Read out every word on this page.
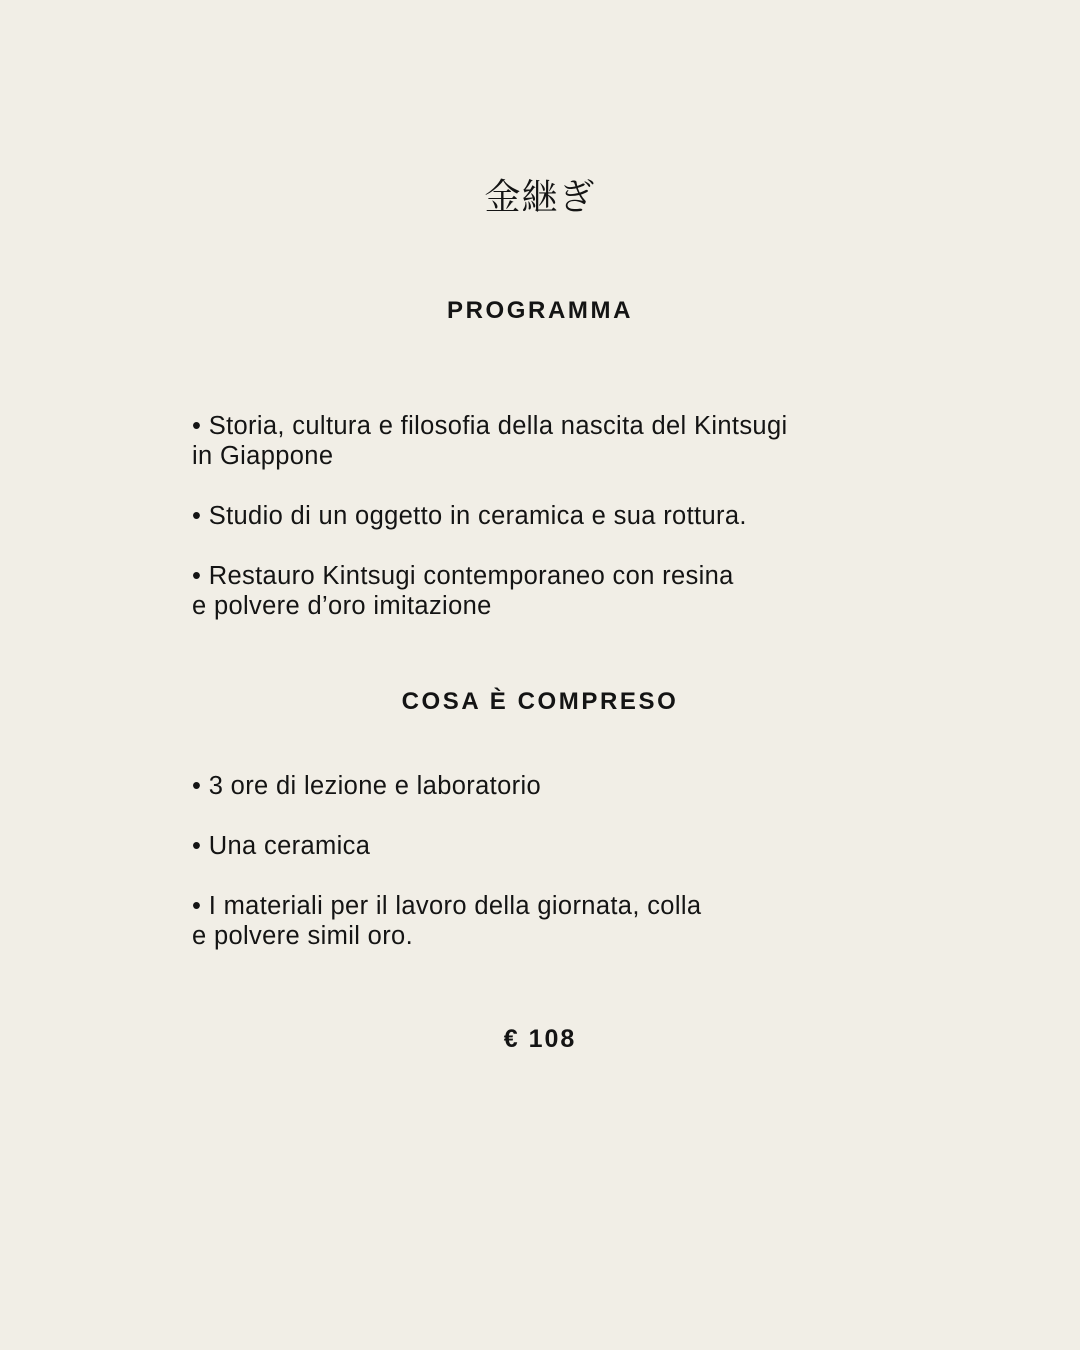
金継ぎ
PROGRAMMA
• Storia, cultura e filosofia della nascita del Kintsugi
in Giappone
• Studio di un oggetto in ceramica e sua rottura.
• Restauro Kintsugi contemporaneo con resina
e polvere d’oro imitazione
COSA È COMPRESO
• 3 ore di lezione e laboratorio
• Una ceramica
• I materiali per il lavoro della giornata, colla
e polvere simil oro.
€ 108
